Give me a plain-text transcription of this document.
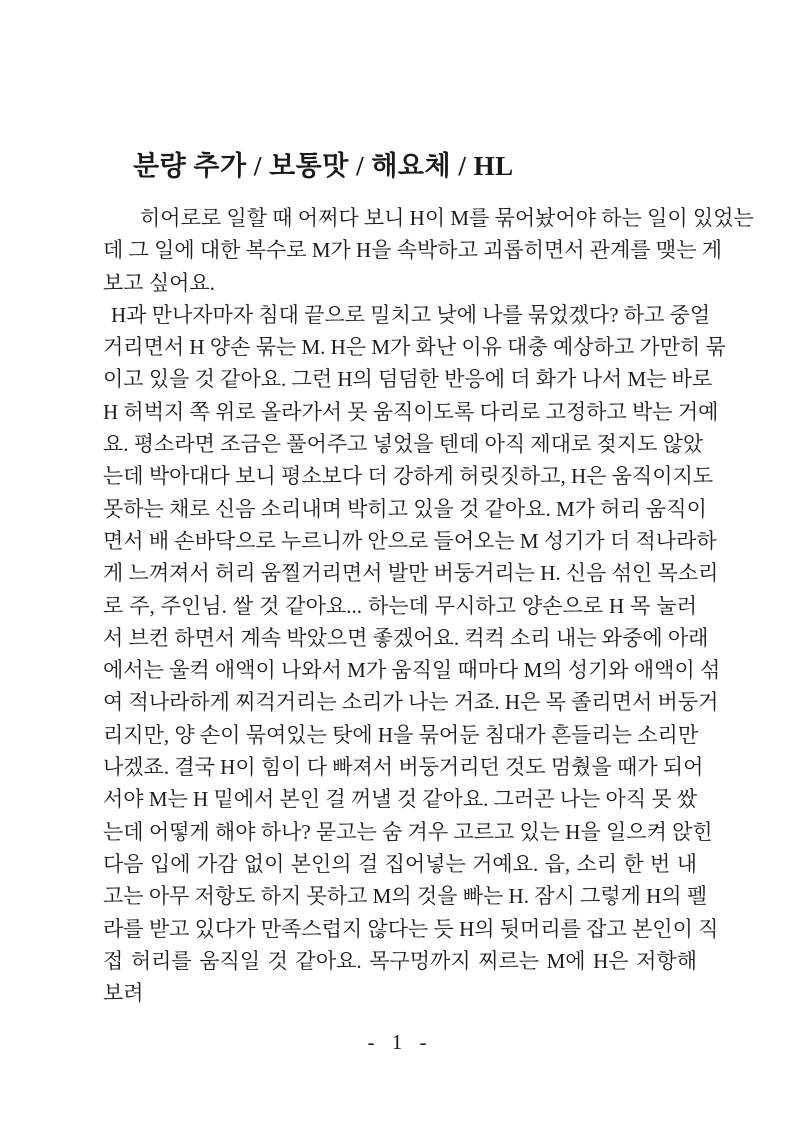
분량 추가 / 보통맛 / 해요체 / HL
히어로로 일할 때 어쩌다 보니 H이 M를 묶어놨어야 하는 일이 있었는
데 그 일에 대한 복수로 M가 H을 속박하고 괴롭히면서 관계를 맺는 게
보고 싶어요.
H과 만나자마자 침대 끝으로 밀치고 낮에 나를 묶었겠다? 하고 중얼
거리면서 H 양손 묶는 M. H은 M가 화난 이유 대충 예상하고 가만히 묶
이고 있을 것 같아요. 그런 H의 덤덤한 반응에 더 화가 나서 M는 바로
H 허벅지 쪽 위로 올라가서 못 움직이도록 다리로 고정하고 박는 거예
요. 평소라면 조금은 풀어주고 넣었을 텐데 아직 제대로 젖지도 않았
는데 박아대다 보니 평소보다 더 강하게 허릿짓하고, H은 움직이지도
못하는 채로 신음 소리내며 박히고 있을 것 같아요. M가 허리 움직이
면서 배 손바닥으로 누르니까 안으로 들어오는 M 성기가 더 적나라하
게 느껴져서 허리 움찔거리면서 발만 버둥거리는 H. 신음 섞인 목소리
로 주, 주인님. 쌀 것 같아요... 하는데 무시하고 양손으로 H 목 눌러
서 브컨 하면서 계속 박았으면 좋겠어요. 컥컥 소리 내는 와중에 아래
에서는 울컥 애액이 나와서 M가 움직일 때마다 M의 성기와 애액이 섞
여 적나라하게 찌걱거리는 소리가 나는 거죠. H은 목 졸리면서 버둥거
리지만, 양 손이 묶여있는 탓에 H을 묶어둔 침대가 흔들리는 소리만
나겠죠. 결국 H이 힘이 다 빠져서 버둥거리던 것도 멈췄을 때가 되어
서야 M는 H 밑에서 본인 걸 꺼낼 것 같아요. 그러곤 나는 아직 못 쌌
는데 어떻게 해야 하나? 묻고는 숨 겨우 고르고 있는 H을 일으켜 앉힌
다음 입에 가감 없이 본인의 걸 집어넣는 거예요. 읍, 소리 한 번 내
고는 아무 저항도 하지 못하고 M의 것을 빠는 H. 잠시 그렇게 H의 펠
라를 받고 있다가 만족스럽지 않다는 듯 H의 뒷머리를 잡고 본인이 직
접 허리를 움직일 것 같아요. 목구멍까지 찌르는 M에 H은 저항해 보려
- 1 -
